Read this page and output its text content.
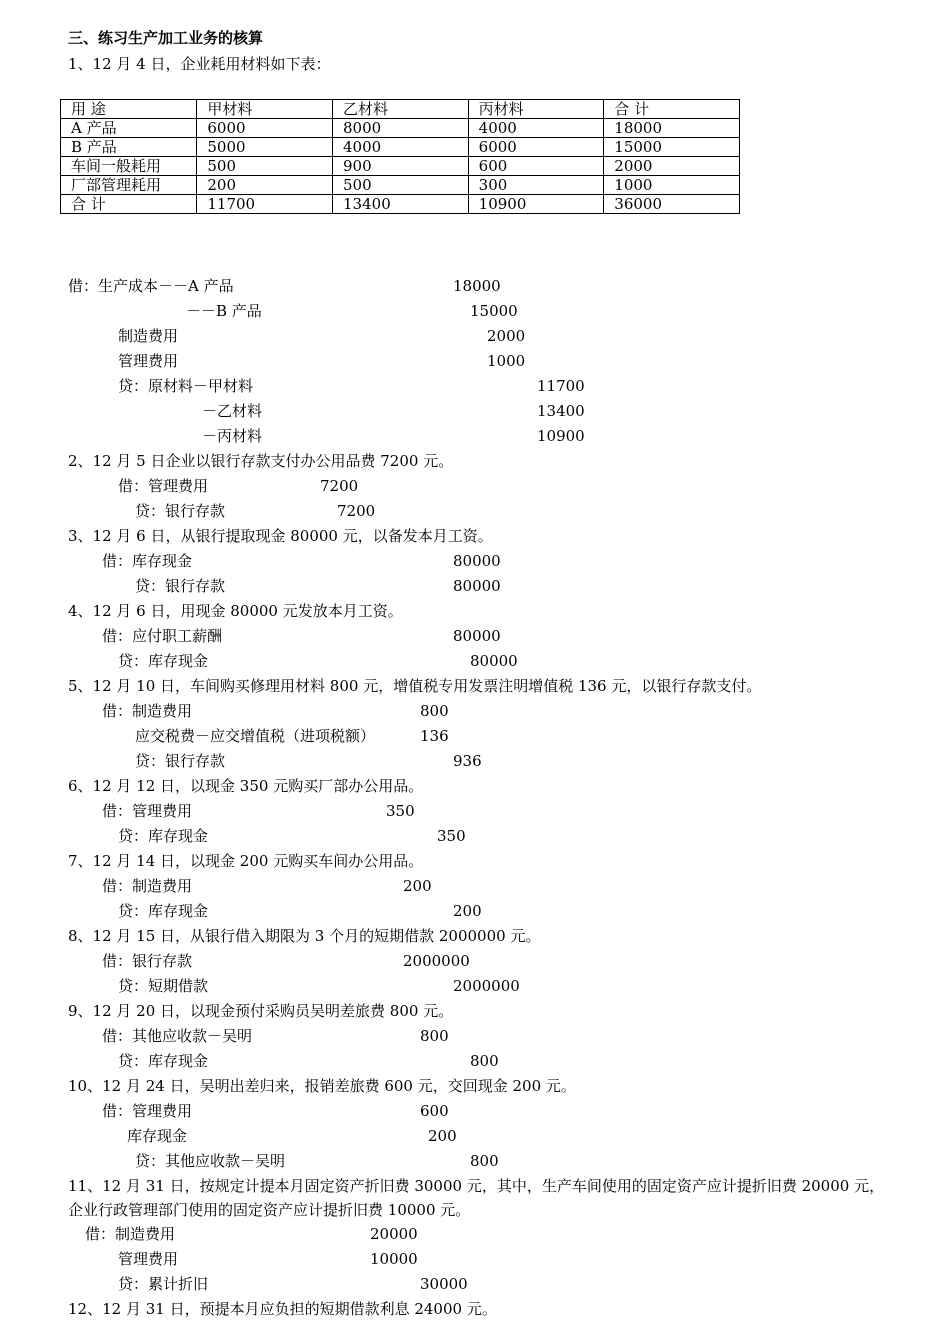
三、练习生产加工业务的核算
1、12 月 4 日，企业耗用材料如下表：
用 途	甲材料	乙材料	丙材料	合 计
A 产品	6000	8000	4000	18000
B 产品	5000	4000	6000	15000
车间一般耗用	500	900	600	2000
厂部管理耗用	200	500	300	1000
合 计	11700	13400	10900	36000
借：生产成本－－A 产品	18000
－－B 产品	15000
制造费用	2000
管理费用	1000
贷：原材料－甲材料	11700
－乙材料	13400
－丙材料	10900
2、12 月 5 日企业以银行存款支付办公用品费 7200 元。
借：管理费用	7200
贷：银行存款	7200
3、12 月 6 日，从银行提取现金 80000 元，以备发本月工资。
借：库存现金	80000
贷：银行存款	80000
4、12 月 6 日，用现金 80000 元发放本月工资。
借：应付职工薪酬	80000
贷：库存现金	80000
5、12 月 10 日，车间购买修理用材料 800 元，增值税专用发票注明增值税 136 元，以银行存款支付。
借：制造费用	800
应交税费－应交增值税（进项税额）	136
贷：银行存款	936
6、12 月 12 日，以现金 350 元购买厂部办公用品。
借：管理费用	350
贷：库存现金	350
7、12 月 14 日，以现金 200 元购买车间办公用品。
借：制造费用	200
贷：库存现金	200
8、12 月 15 日，从银行借入期限为 3 个月的短期借款 2000000 元。
借：银行存款	2000000
贷：短期借款	2000000
9、12 月 20 日，以现金预付采购员吴明差旅费 800 元。
借：其他应收款－吴明	800
贷：库存现金	800
10、12 月 24 日，吴明出差归来，报销差旅费 600 元，交回现金 200 元。
借：管理费用	600
库存现金	200
贷：其他应收款－吴明	800
11、12 月 31 日，按规定计提本月固定资产折旧费 30000 元，其中，生产车间使用的固定资产应计提折旧费 20000 元，
企业行政管理部门使用的固定资产应计提折旧费 10000 元。
借：制造费用	20000
管理费用	10000
贷：累计折旧	30000
12、12 月 31 日，预提本月应负担的短期借款利息 24000 元。
